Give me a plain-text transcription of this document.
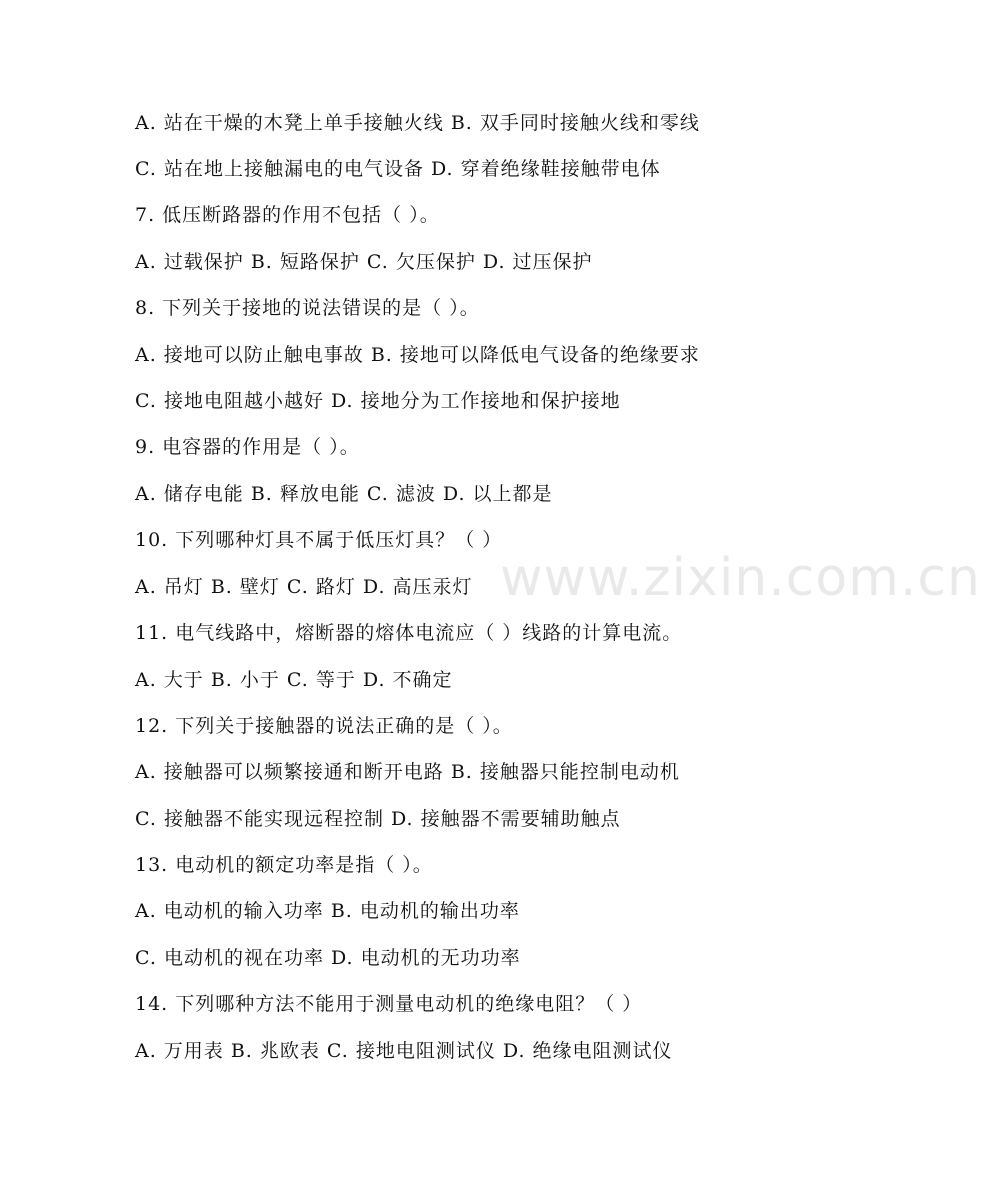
www.zixin.com.cn
A. 站在干燥的木凳上单手接触火线 B. 双手同时接触火线和零线
C. 站在地上接触漏电的电气设备 D. 穿着绝缘鞋接触带电体
7. 低压断路器的作用不包括（ ）。
A. 过载保护 B. 短路保护 C. 欠压保护 D. 过压保护
8. 下列关于接地的说法错误的是（ ）。
A. 接地可以防止触电事故 B. 接地可以降低电气设备的绝缘要求
C. 接地电阻越小越好 D. 接地分为工作接地和保护接地
9. 电容器的作用是（ ）。
A. 储存电能 B. 释放电能 C. 滤波 D. 以上都是
10. 下列哪种灯具不属于低压灯具？（ ）
A. 吊灯 B. 壁灯 C. 路灯 D. 高压汞灯
11. 电气线路中，熔断器的熔体电流应（ ）线路的计算电流。
A. 大于 B. 小于 C. 等于 D. 不确定
12. 下列关于接触器的说法正确的是（ ）。
A. 接触器可以频繁接通和断开电路 B. 接触器只能控制电动机
C. 接触器不能实现远程控制 D. 接触器不需要辅助触点
13. 电动机的额定功率是指（ ）。
A. 电动机的输入功率 B. 电动机的输出功率
C. 电动机的视在功率 D. 电动机的无功功率
14. 下列哪种方法不能用于测量电动机的绝缘电阻？（ ）
A. 万用表 B. 兆欧表 C. 接地电阻测试仪 D. 绝缘电阻测试仪
